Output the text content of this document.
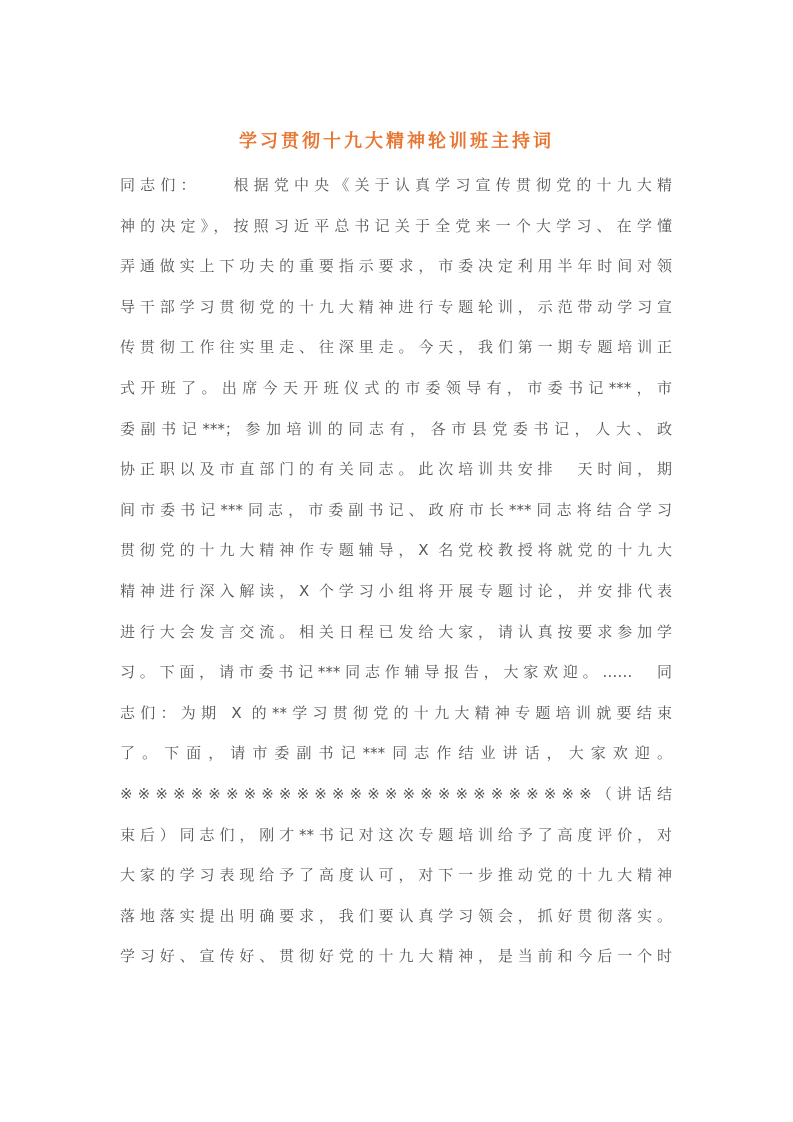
学习贯彻十九大精神轮训班主持词
同志们：　　根据党中央《关于认真学习宣传贯彻党的十九大精
神的决定》，按照习近平总书记关于全党来一个大学习、在学懂
弄通做实上下功夫的重要指示要求，市委决定利用半年时间对领
导干部学习贯彻党的十九大精神进行专题轮训，示范带动学习宣
传贯彻工作往实里走、往深里走。今天，我们第一期专题培训正
式开班了。出席今天开班仪式的市委领导有，市委书记***，市
委副书记***；参加培训的同志有，各市县党委书记，人大、政
协正职以及市直部门的有关同志。此次培训共安排　天时间，期
间市委书记***同志，市委副书记、政府市长***同志将结合学习
贯彻党的十九大精神作专题辅导，X 名党校教授将就党的十九大
精神进行深入解读，X 个学习小组将开展专题讨论，并安排代表
进行大会发言交流。相关日程已发给大家，请认真按要求参加学
习。下面，请市委书记***同志作辅导报告，大家欢迎。……　同
志们：为期 X 的**学习贯彻党的十九大精神专题培训就要结束
了。下面，请市委副书记***同志作结业讲话，大家欢迎。
※※※※※※※※※※※※※※※※※※※※※※※※※※※（讲话结
束后）同志们，刚才**书记对这次专题培训给予了高度评价，对
大家的学习表现给予了高度认可，对下一步推动党的十九大精神
落地落实提出明确要求，我们要认真学习领会，抓好贯彻落实。
学习好、宣传好、贯彻好党的十九大精神，是当前和今后一个时
